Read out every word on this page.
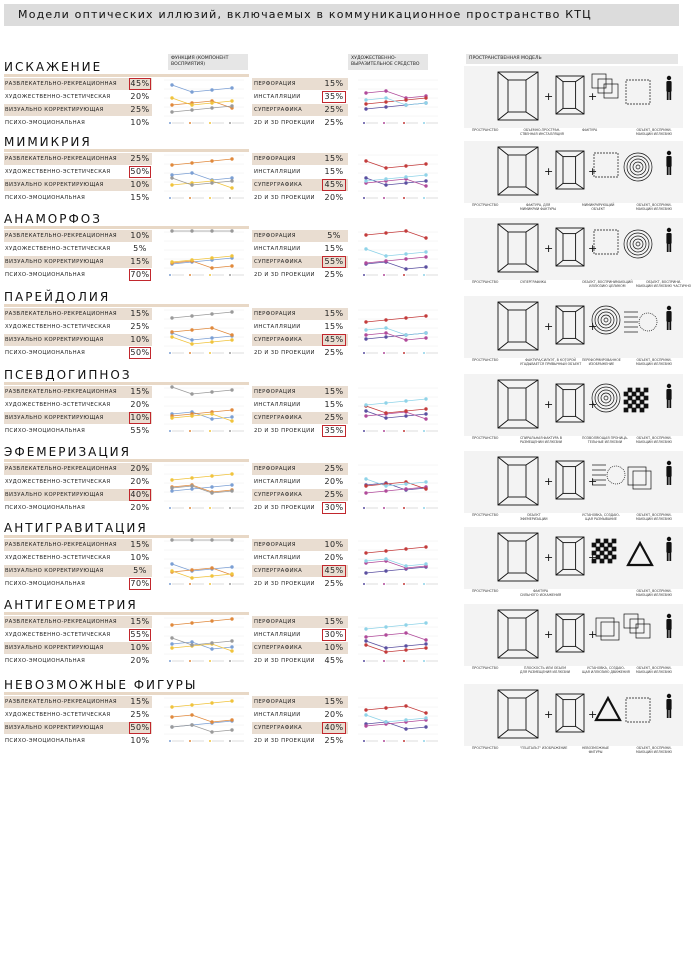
Модели оптических иллюзий, включаемых в коммуникационное пространство КТЦ
ФУНКЦИЯ (КОМПОНЕНТ ВОСПРИЯТИЯ)
ХУДОЖЕСТВЕННО-ВЫРАЗИТЕЛЬНОЕ СРЕДСТВО
ПРОСТРАНСТВЕННАЯ МОДЕЛЬ
ИСКАЖЕНИЕ
РАЗВЛЕКАТЕЛЬНО-РЕКРЕАЦИОННАЯ 45%
ХУДОЖЕСТВЕННО-ЭСТЕТИЧЕСКАЯ 20%
ВИЗУАЛЬНО КОРРЕКТИРУЮЩАЯ	25%
ПСИХО-ЭМОЦИОНАЛЬНАЯ	10%
ПЕРФОРАЦИЯ	15%
ИНСТАЛЛЯЦИИ	35%
СУПЕРГРАФИКА	25%
2D И 3D ПРОЕКЦИИ	25%
+	+
ПРОСТРАНСТВО	ОБЪЕМНО-ПРОСТРАН-
СТВЕННАЯ ИНСТАЛЛЯЦИЯ
ФАКТУРА	ОБЪЕКТ, ВОСПРИНИ-
МАЮЩИЙ ИЛЛЮЗИЮ
МИМИКРИЯ
РАЗВЛЕКАТЕЛЬНО-РЕКРЕАЦИОННАЯ 25%
ХУДОЖЕСТВЕННО-ЭСТЕТИЧЕСКАЯ 50%
ВИЗУАЛЬНО КОРРЕКТИРУЮЩАЯ	10%
ПСИХО-ЭМОЦИОНАЛЬНАЯ	15%
ПЕРФОРАЦИЯ	15%
ИНСТАЛЛЯЦИИ	15%
СУПЕРГРАФИКА	45%
2D И 3D ПРОЕКЦИИ	20%
+	+
ПРОСТРАНСТВО	ФАКТУРА, ДЛЯ
МИМИКРИИ ФАКТУРЫ
МИМИКРИРУЮЩИЙ
ОБЪЕКТ
ОБЪЕКТ, ВОСПРИНИ-
МАЮЩИЙ ИЛЛЮЗИЮ
АНАМОРФОЗ
РАЗВЛЕКАТЕЛЬНО-РЕКРЕАЦИОННАЯ 10%
ХУДОЖЕСТВЕННО-ЭСТЕТИЧЕСКАЯ	5%
ВИЗУАЛЬНО КОРРЕКТИРУЮЩАЯ	15%
ПСИХО-ЭМОЦИОНАЛЬНАЯ	70%
ПЕРФОРАЦИЯ	5%
ИНСТАЛЛЯЦИИ	15%
СУПЕРГРАФИКА	55%
2D И 3D ПРОЕКЦИИ	25%
+	+
ПРОСТРАНСТВО	СУПЕРГРАФИКА	ОБЪЕКТ, ВОСПРИНИМАЮЩИЙ
ИЛЛЮЗИЮ ЦЕЛИКОМ
ОБЪЕКТ, ВОСПРИНИ-
МАЮЩИЙ ИЛЛЮЗИЮ ЧАСТИЧНО
ПАРЕЙДОЛИЯ
РАЗВЛЕКАТЕЛЬНО-РЕКРЕАЦИОННАЯ 15%
ХУДОЖЕСТВЕННО-ЭСТЕТИЧЕСКАЯ 25%
ВИЗУАЛЬНО КОРРЕКТИРУЮЩАЯ	10%
ПСИХО-ЭМОЦИОНАЛЬНАЯ	50%
ПЕРФОРАЦИЯ	15%
ИНСТАЛЛЯЦИИ	15%
СУПЕРГРАФИКА	45%
2D И 3D ПРОЕКЦИИ	25%
+	+
ПРОСТРАНСТВО	ФАКТУРА/СИЛУЭТ, В КОТОРОЙ
УГАДЫВАЕТСЯ ПРИВЫЧНЫЙ ОБЪЕКТ
ПЕРЕФОРМИРОВАННОЕ
ИЗОБРАЖЕНИЕ
ОБЪЕКТ, ВОСПРИНИ-
МАЮЩИЙ ИЛЛЮЗИЮ
ПСЕВДОГИПНОЗ
РАЗВЛЕКАТЕЛЬНО-РЕКРЕАЦИОННАЯ 15%
ХУДОЖЕСТВЕННО-ЭСТЕТИЧЕСКАЯ 20%
ВИЗУАЛЬНО КОРРЕКТИРУЮЩАЯ	10%
ПСИХО-ЭМОЦИОНАЛЬНАЯ	55%
ПЕРФОРАЦИЯ	15%
ИНСТАЛЛЯЦИИ	15%
СУПЕРГРАФИКА	25%
2D И 3D ПРОЕКЦИИ	35%
+	+
ПРОСТРАНСТВО	СПИРАЛЬНАЯ ФАКТУРА В
РАЗМЕЩЕНИИ ИЛЛЮЗИИ
ПОЗВОЛЯЮЩАЯ ПРОНИЦА-
ТЕЛЬНЫЕ ИЛЛЮЗИИ
ОБЪЕКТ, ВОСПРИНИ-
МАЮЩИЙ ИЛЛЮЗИЮ
ЭФЕМЕРИЗАЦИЯ
РАЗВЛЕКАТЕЛЬНО-РЕКРЕАЦИОННАЯ 20%
ХУДОЖЕСТВЕННО-ЭСТЕТИЧЕСКАЯ 20%
ВИЗУАЛЬНО КОРРЕКТИРУЮЩАЯ	40%
ПСИХО-ЭМОЦИОНАЛЬНАЯ	20%
ПЕРФОРАЦИЯ	25%
ИНСТАЛЛЯЦИИ	20%
СУПЕРГРАФИКА	25%
2D И 3D ПРОЕКЦИИ	30%
+	+
ПРОСТРАНСТВО	ОБЪЕКТ
ЭФЕМЕРИЗАЦИИ
УСТАНОВКА, СОЗДАЮ-
ЩАЯ РАЗМЫВАНИЕ
ОБЪЕКТ, ВОСПРИНИ-
МАЮЩИЙ ИЛЛЮЗИЮ
АНТИГРАВИТАЦИЯ
РАЗВЛЕКАТЕЛЬНО-РЕКРЕАЦИОННАЯ 15%
ХУДОЖЕСТВЕННО-ЭСТЕТИЧЕСКАЯ 10%
ВИЗУАЛЬНО КОРРЕКТИРУЮЩАЯ	5%
ПСИХО-ЭМОЦИОНАЛЬНАЯ	70%
ПЕРФОРАЦИЯ	10%
ИНСТАЛЛЯЦИИ	20%
СУПЕРГРАФИКА	45%
2D И 3D ПРОЕКЦИИ	25%
+	+
ПРОСТРАНСТВО	ФАКТУРА
СИЛЬНОГО ИСКАЖЕНИЯ
ОБЪЕКТ, ВОСПРИНИ-
МАЮЩИЙ ИЛЛЮЗИЮ
АНТИГЕОМЕТРИЯ
РАЗВЛЕКАТЕЛЬНО-РЕКРЕАЦИОННАЯ 15%
ХУДОЖЕСТВЕННО-ЭСТЕТИЧЕСКАЯ 55%
ВИЗУАЛЬНО КОРРЕКТИРУЮЩАЯ	10%
ПСИХО-ЭМОЦИОНАЛЬНАЯ	20%
ПЕРФОРАЦИЯ	15%
ИНСТАЛЛЯЦИИ	30%
СУПЕРГРАФИКА	10%
2D И 3D ПРОЕКЦИИ	45%
+	+
ПРОСТРАНСТВО	ПЛОСКОСТЬ ИЛИ ОБЪЕМ
ДЛЯ РАЗМЕЩЕНИЯ ИЛЛЮЗИИ
УСТАНОВКА, СОЗДАЮ-
ЩАЯ ИЛЛЮЗИЮ ДВИЖЕНИЯ
ОБЪЕКТ, ВОСПРИНИ-
МАЮЩИЙ ИЛЛЮЗИЮ
НЕВОЗМОЖНЫЕ ФИГУРЫ
РАЗВЛЕКАТЕЛЬНО-РЕКРЕАЦИОННАЯ 15%
ХУДОЖЕСТВЕННО-ЭСТЕТИЧЕСКАЯ 25%
ВИЗУАЛЬНО КОРРЕКТИРУЮЩАЯ	50%
ПСИХО-ЭМОЦИОНАЛЬНАЯ	10%
ПЕРФОРАЦИЯ	15%
ИНСТАЛЛЯЦИИ	20%
СУПЕРГРАФИКА	40%
2D И 3D ПРОЕКЦИИ	25%
+	+
ПРОСТРАНСТВО	"ГЕШТАЛЬТ" ИЗОБРАЖЕНИЕ	НЕВОЗМОЖНЫЕ
ФИГУРЫ
ОБЪЕКТ, ВОСПРИНИ-
МАЮЩИЙ ИЛЛЮЗИЮ
